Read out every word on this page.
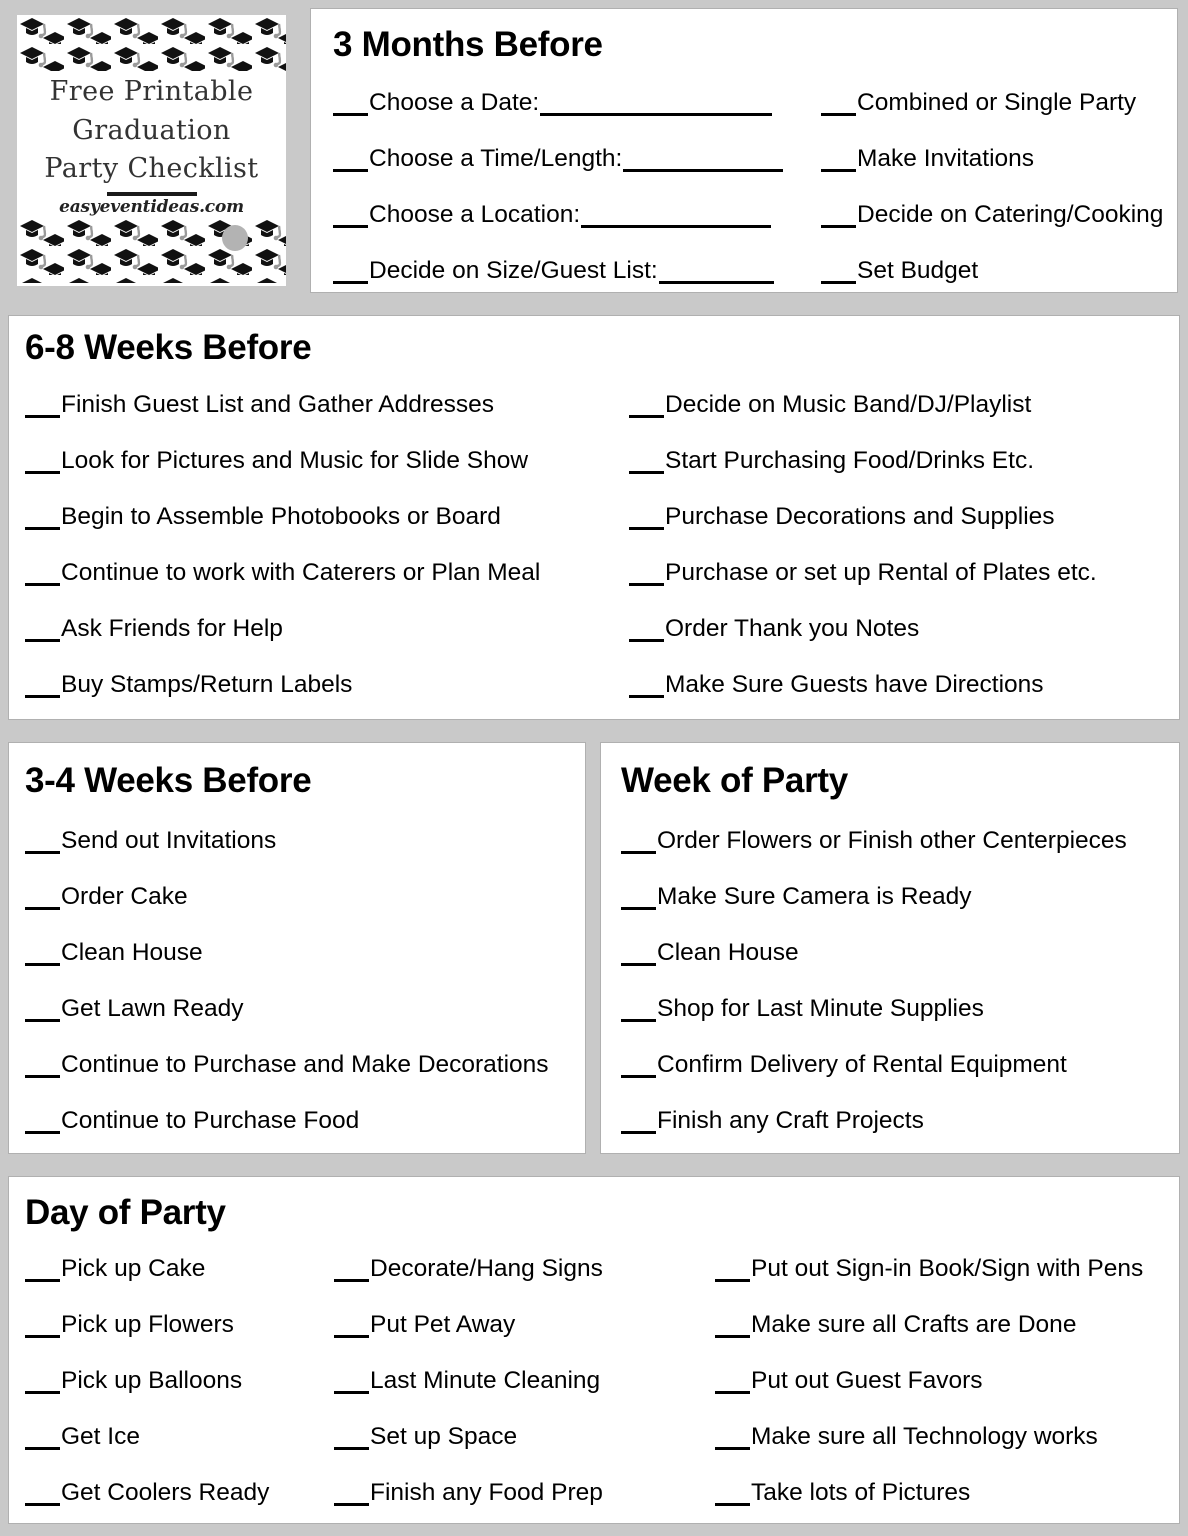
Free Printable
Graduation
Party Checklist
easyeventideas.com
3 Months Before
Choose a Date:
Choose a Time/Length:
Choose a Location:
Decide on Size/Guest List:
Combined or Single Party
Make Invitations
Decide on Catering/Cooking
Set Budget
6-8 Weeks Before
Finish Guest List and Gather Addresses
Look for Pictures and Music for Slide Show
Begin to Assemble Photobooks or Board
Continue to work with Caterers or Plan Meal
Ask Friends for Help
Buy Stamps/Return Labels
Decide on Music Band/DJ/Playlist
Start Purchasing Food/Drinks Etc.
Purchase Decorations and Supplies
Purchase or set up Rental of Plates etc.
Order Thank you Notes
Make Sure Guests have Directions
3-4 Weeks Before
Send out Invitations
Order Cake
Clean House
Get Lawn Ready
Continue to Purchase and Make Decorations
Continue to Purchase Food
Week of Party
Order Flowers or Finish other Centerpieces
Make Sure Camera is Ready
Clean House
Shop for Last Minute Supplies
Confirm Delivery of Rental Equipment
Finish any Craft Projects
Day of Party
Pick up Cake
Pick up Flowers
Pick up Balloons
Get Ice
Get Coolers Ready
Decorate/Hang Signs
Put Pet Away
Last Minute Cleaning
Set up Space
Finish any Food Prep
Put out Sign-in Book/Sign with Pens
Make sure all Crafts are Done
Put out Guest Favors
Make sure all Technology works
Take lots of Pictures
